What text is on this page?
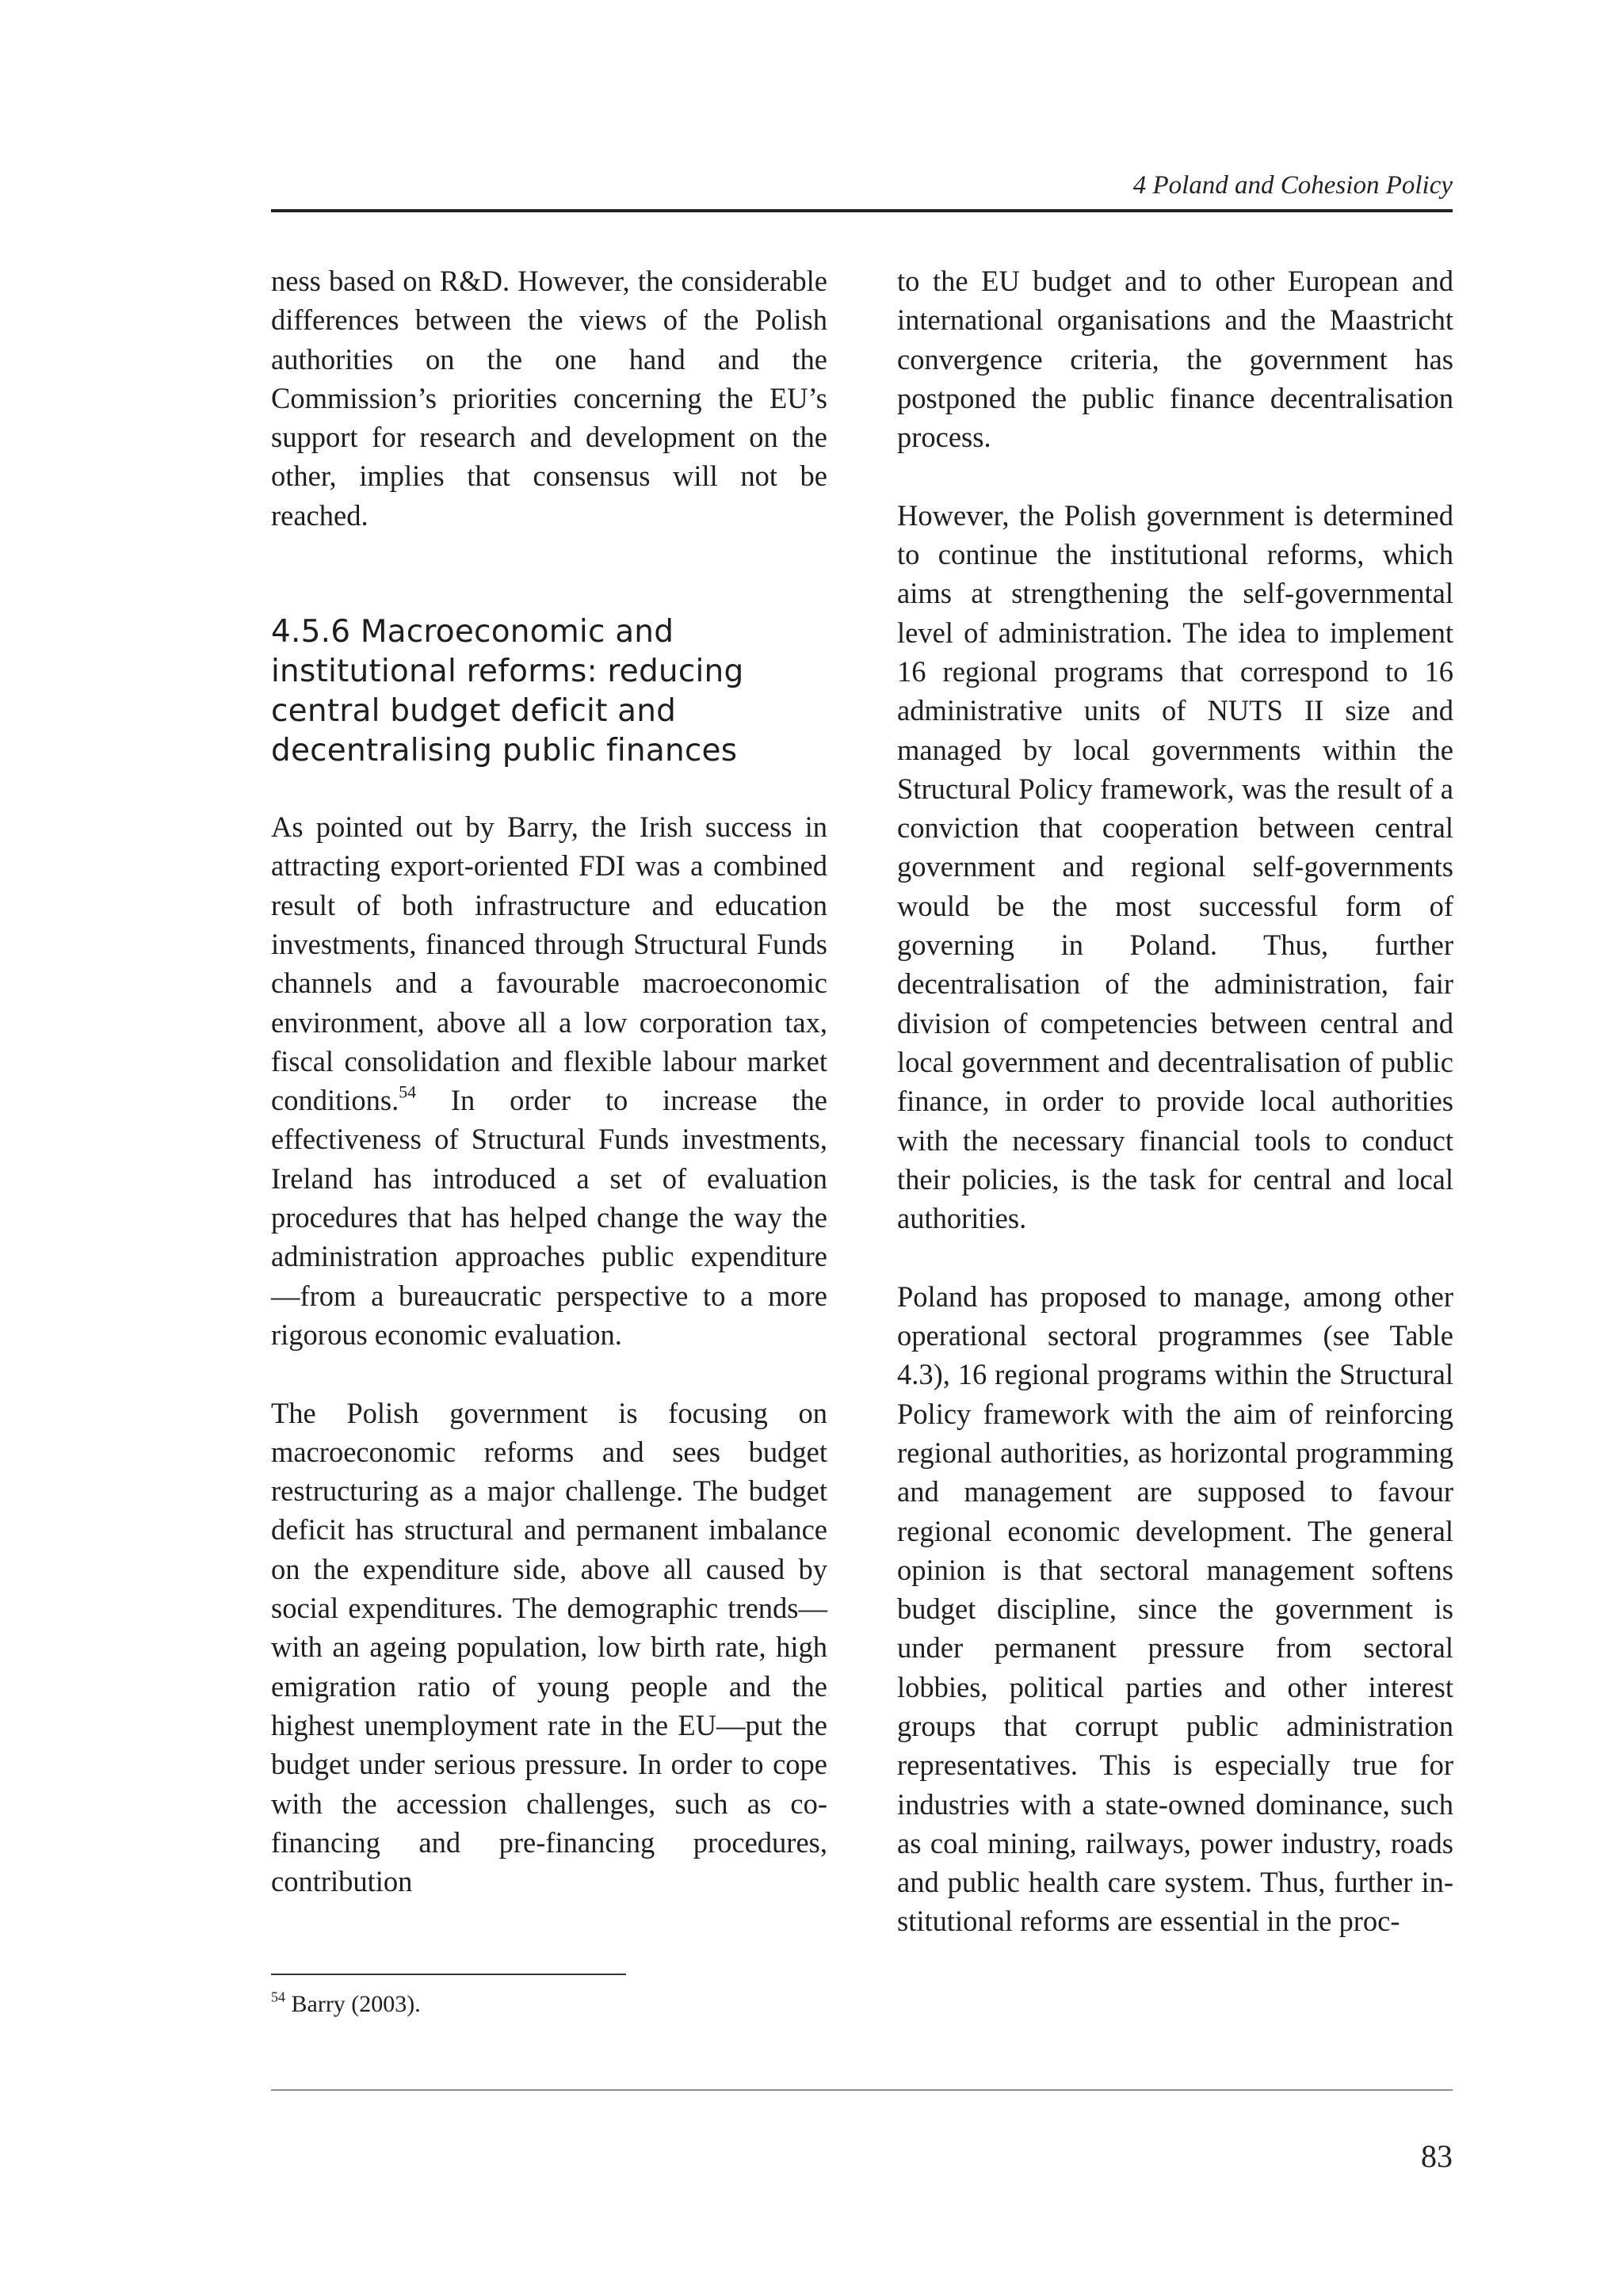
4 Poland and Cohesion Policy

ness based on R&D. However, the considerable differences between the views of the Polish authorities on the one hand and the Commission’s priorities concerning the EU’s support for research and development on the other, implies that consensus will not be reached.

4.5.6 Macroeconomic and institutional reforms: reducing central budget deficit and decentralising public finances

As pointed out by Barry, the Irish success in attracting export-oriented FDI was a combined result of both infrastructure and education investments, financed through Structural Funds channels and a favourable macroeconomic environment, above all a low corporation tax, fiscal consolidation and flexible labour market conditions.$^{54}$ In order to increase the effectiveness of Structural Funds investments, Ireland has introduced a set of evaluation procedures that has helped change the way the administration approaches public expenditure—from a bureaucratic perspective to a more rigorous economic evaluation.

The Polish government is focusing on macroeconomic reforms and sees budget restructuring as a major challenge. The budget deficit has structural and permanent imbalance on the expenditure side, above all caused by social expenditures. The demographic trends—with an ageing population, low birth rate, high emigration ratio of young people and the highest unemployment rate in the EU—put the budget under serious pressure. In order to cope with the accession challenges, such as co-financing and pre-financing procedures, contribution

to the EU budget and to other European and international organisations and the Maastricht convergence criteria, the government has postponed the public finance decentralisation process.

However, the Polish government is determined to continue the institutional reforms, which aims at strengthening the self-governmental level of administration. The idea to implement 16 regional programs that correspond to 16 administrative units of NUTS II size and managed by local governments within the Structural Policy framework, was the result of a conviction that cooperation between central government and regional self-governments would be the most successful form of governing in Poland. Thus, further decentralisation of the administration, fair division of competencies between central and local government and decentralisation of public finance, in order to provide local authorities with the necessary financial tools to conduct their policies, is the task for central and local authorities.

Poland has proposed to manage, among other operational sectoral programmes (see Table 4.3), 16 regional programs within the Structural Policy framework with the aim of reinforcing regional authorities, as horizontal programming and management are supposed to favour regional economic development. The general opinion is that sectoral management softens budget discipline, since the government is under permanent pressure from sectoral lobbies, political parties and other interest groups that corrupt public administration representatives. This is especially true for industries with a state-owned dominance, such as coal mining, railways, power industry, roads and public health care system. Thus, further institutional reforms are essential in the proc-

$^{54}$ Barry (2003).
83
